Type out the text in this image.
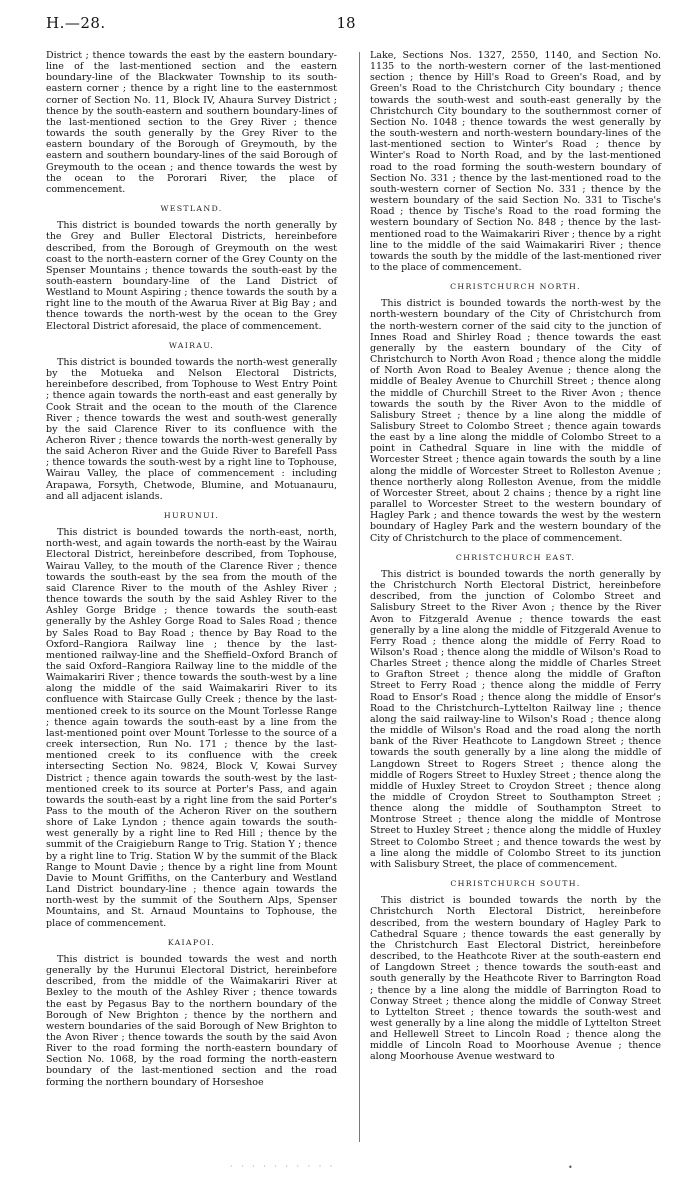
H.—28.	18

District ; thence towards the east by the eastern boundary-line of the last-mentioned section and the eastern boundary-line of the Blackwater Township to its south-eastern corner ; thence by a right line to the easternmost corner of Section No. 11, Block IV, Ahaura Survey District ; thence by the south-eastern and southern boundary-lines of the last-mentioned section to the Grey River ; thence towards the south generally by the Grey River to the eastern boundary of the Borough of Greymouth, by the eastern and southern boundary-lines of the said Borough of Greymouth to the ocean ; and thence towards the west by the ocean to the Pororari River, the place of commencement.

WESTLAND.

This district is bounded towards the north generally by the Grey and Buller Electoral Districts, hereinbefore described, from the Borough of Greymouth on the west coast to the north-eastern corner of the Grey County on the Spenser Mountains ; thence towards the south-east by the south-eastern boundary-line of the Land District of Westland to Mount Aspiring ; thence towards the south by a right line to the mouth of the Awarua River at Big Bay ; and thence towards the north-west by the ocean to the Grey Electoral District aforesaid, the place of commencement.

WAIRAU.

This district is bounded towards the north-west generally by the Motueka and Nelson Electoral Districts, hereinbefore described, from Tophouse to West Entry Point ; thence again towards the north-east and east generally by Cook Strait and the ocean to the mouth of the Clarence River ; thence towards the west and south-west generally by the said Clarence River to its confluence with the Acheron River ; thence towards the north-west generally by the said Acheron River and the Guide River to Barefell Pass ; thence towards the south-west by a right line to Tophouse, Wairau Valley, the place of commencement : including Arapawa, Forsyth, Chetwode, Blumine, and Motuanauru, and all adjacent islands.

HURUNUI.

This district is bounded towards the north-east, north, north-west, and again towards the north-east by the Wairau Electoral District, hereinbefore described, from Tophouse, Wairau Valley, to the mouth of the Clarence River ; thence towards the south-east by the sea from the mouth of the said Clarence River to the mouth of the Ashley River ; thence towards the south by the said Ashley River to the Ashley Gorge Bridge ; thence towards the south-east generally by the Ashley Gorge Road to Sales Road ; thence by Sales Road to Bay Road ; thence by Bay Road to the Oxford–Rangiora Railway line ; thence by the last-mentioned railway-line and the Sheffield–Oxford Branch of the said Oxford–Rangiora Railway line to the middle of the Waimakariri River ; thence towards the south-west by a line along the middle of the said Waimakariri River to its confluence with Staircase Gully Creek ; thence by the last-mentioned creek to its source on the Mount Torlesse Range ; thence again towards the south-east by a line from the last-mentioned point over Mount Torlesse to the source of a creek intersection, Run No. 171 ; thence by the last-mentioned creek to its confluence with the creek intersecting Section No. 9824, Block V, Kowai Survey District ; thence again towards the south-west by the last-mentioned creek to its source at Porter's Pass, and again towards the south-east by a right line from the said Porter's Pass to the mouth of the Acheron River on the southern shore of Lake Lyndon ; thence again towards the south-west generally by a right line to Red Hill ; thence by the summit of the Craigieburn Range to Trig. Station Y ; thence by a right line to Trig. Station W by the summit of the Black Range to Mount Davie ; thence by a right line from Mount Davie to Mount Griffiths, on the Canterbury and Westland Land District boundary-line ; thence again towards the north-west by the summit of the Southern Alps, Spenser Mountains, and St. Arnaud Mountains to Tophouse, the place of commencement.

KAIAPOI.

This district is bounded towards the west and north generally by the Hurunui Electoral District, hereinbefore described, from the middle of the Waimakariri River at Bexley to the mouth of the Ashley River ; thence towards the east by Pegasus Bay to the northern boundary of the Borough of New Brighton ; thence by the northern and western boundaries of the said Borough of New Brighton to the Avon River ; thence towards the south by the said Avon River to the road forming the north-eastern boundary of Section No. 1068, by the road forming the north-eastern boundary of the last-mentioned section and the road forming the northern boundary of Horseshoe

Lake, Sections Nos. 1327, 2550, 1140, and Section No. 1135 to the north-western corner of the last-mentioned section ; thence by Hill's Road to Green's Road, and by Green's Road to the Christchurch City boundary ; thence towards the south-west and south-east generally by the Christchurch City boundary to the southernmost corner of Section No. 1048 ; thence towards the west generally by the south-western and north-western boundary-lines of the last-mentioned section to Winter's Road ; thence by Winter's Road to North Road, and by the last-mentioned road to the road forming the south-western boundary of Section No. 331 ; thence by the last-mentioned road to the south-western corner of Section No. 331 ; thence by the western boundary of the said Section No. 331 to Tische's Road ; thence by Tische's Road to the road forming the western boundary of Section No. 848 ; thence by the last-mentioned road to the Waimakariri River ; thence by a right line to the middle of the said Waimakariri River ; thence towards the south by the middle of the last-mentioned river to the place of commencement.

CHRISTCHURCH NORTH.

This district is bounded towards the north-west by the north-western boundary of the City of Christchurch from the north-western corner of the said city to the junction of Innes Road and Shirley Road ; thence towards the east generally by the eastern boundary of the City of Christchurch to North Avon Road ; thence along the middle of North Avon Road to Bealey Avenue ; thence along the middle of Bealey Avenue to Churchill Street ; thence along the middle of Churchill Street to the River Avon ; thence towards the south by the River Avon to the middle of Salisbury Street ; thence by a line along the middle of Salisbury Street to Colombo Street ; thence again towards the east by a line along the middle of Colombo Street to a point in Cathedral Square in line with the middle of Worcester Street ; thence again towards the south by a line along the middle of Worcester Street to Rolleston Avenue ; thence northerly along Rolleston Avenue, from the middle of Worcester Street, about 2 chains ; thence by a right line parallel to Worcester Street to the western boundary of Hagley Park ; and thence towards the west by the western boundary of Hagley Park and the western boundary of the City of Christchurch to the place of commencement.

CHRISTCHURCH EAST.

This district is bounded towards the north generally by the Christchurch North Electoral District, hereinbefore described, from the junction of Colombo Street and Salisbury Street to the River Avon ; thence by the River Avon to Fitzgerald Avenue ; thence towards the east generally by a line along the middle of Fitzgerald Avenue to Ferry Road ; thence along the middle of Ferry Road to Wilson's Road ; thence along the middle of Wilson's Road to Charles Street ; thence along the middle of Charles Street to Grafton Street ; thence along the middle of Grafton Street to Ferry Road ; thence along the middle of Ferry Road to Ensor's Road ; thence along the middle of Ensor's Road to the Christchurch–Lyttelton Railway line ; thence along the said railway-line to Wilson's Road ; thence along the middle of Wilson's Road and the road along the north bank of the River Heathcote to Langdown Street ; thence towards the south generally by a line along the middle of Langdown Street to Rogers Street ; thence along the middle of Rogers Street to Huxley Street ; thence along the middle of Huxley Street to Croydon Street ; thence along the middle of Croydon Street to Southampton Street ; thence along the middle of Southampton Street to Montrose Street ; thence along the middle of Montrose Street to Huxley Street ; thence along the middle of Huxley Street to Colombo Street ; and thence towards the west by a line along the middle of Colombo Street to its junction with Salisbury Street, the place of commencement.

CHRISTCHURCH SOUTH.

This district is bounded towards the north by the Christchurch North Electoral District, hereinbefore described, from the western boundary of Hagley Park to Cathedral Square ; thence towards the east generally by the Christchurch East Electoral District, hereinbefore described, to the Heathcote River at the south-eastern end of Langdown Street ; thence towards the south-east and south generally by the Heathcote River to Barrington Road ; thence by a line along the middle of Barrington Road to Conway Street ; thence along the middle of Conway Street to Lyttelton Street ; thence towards the south-west and west generally by a line along the middle of Lyttelton Street and Hellewell Street to Lincoln Road ; thence along the middle of Lincoln Road to Moorhouse Avenue ; thence along Moorhouse Avenue westward to

· · · · · · · · · ·	•
